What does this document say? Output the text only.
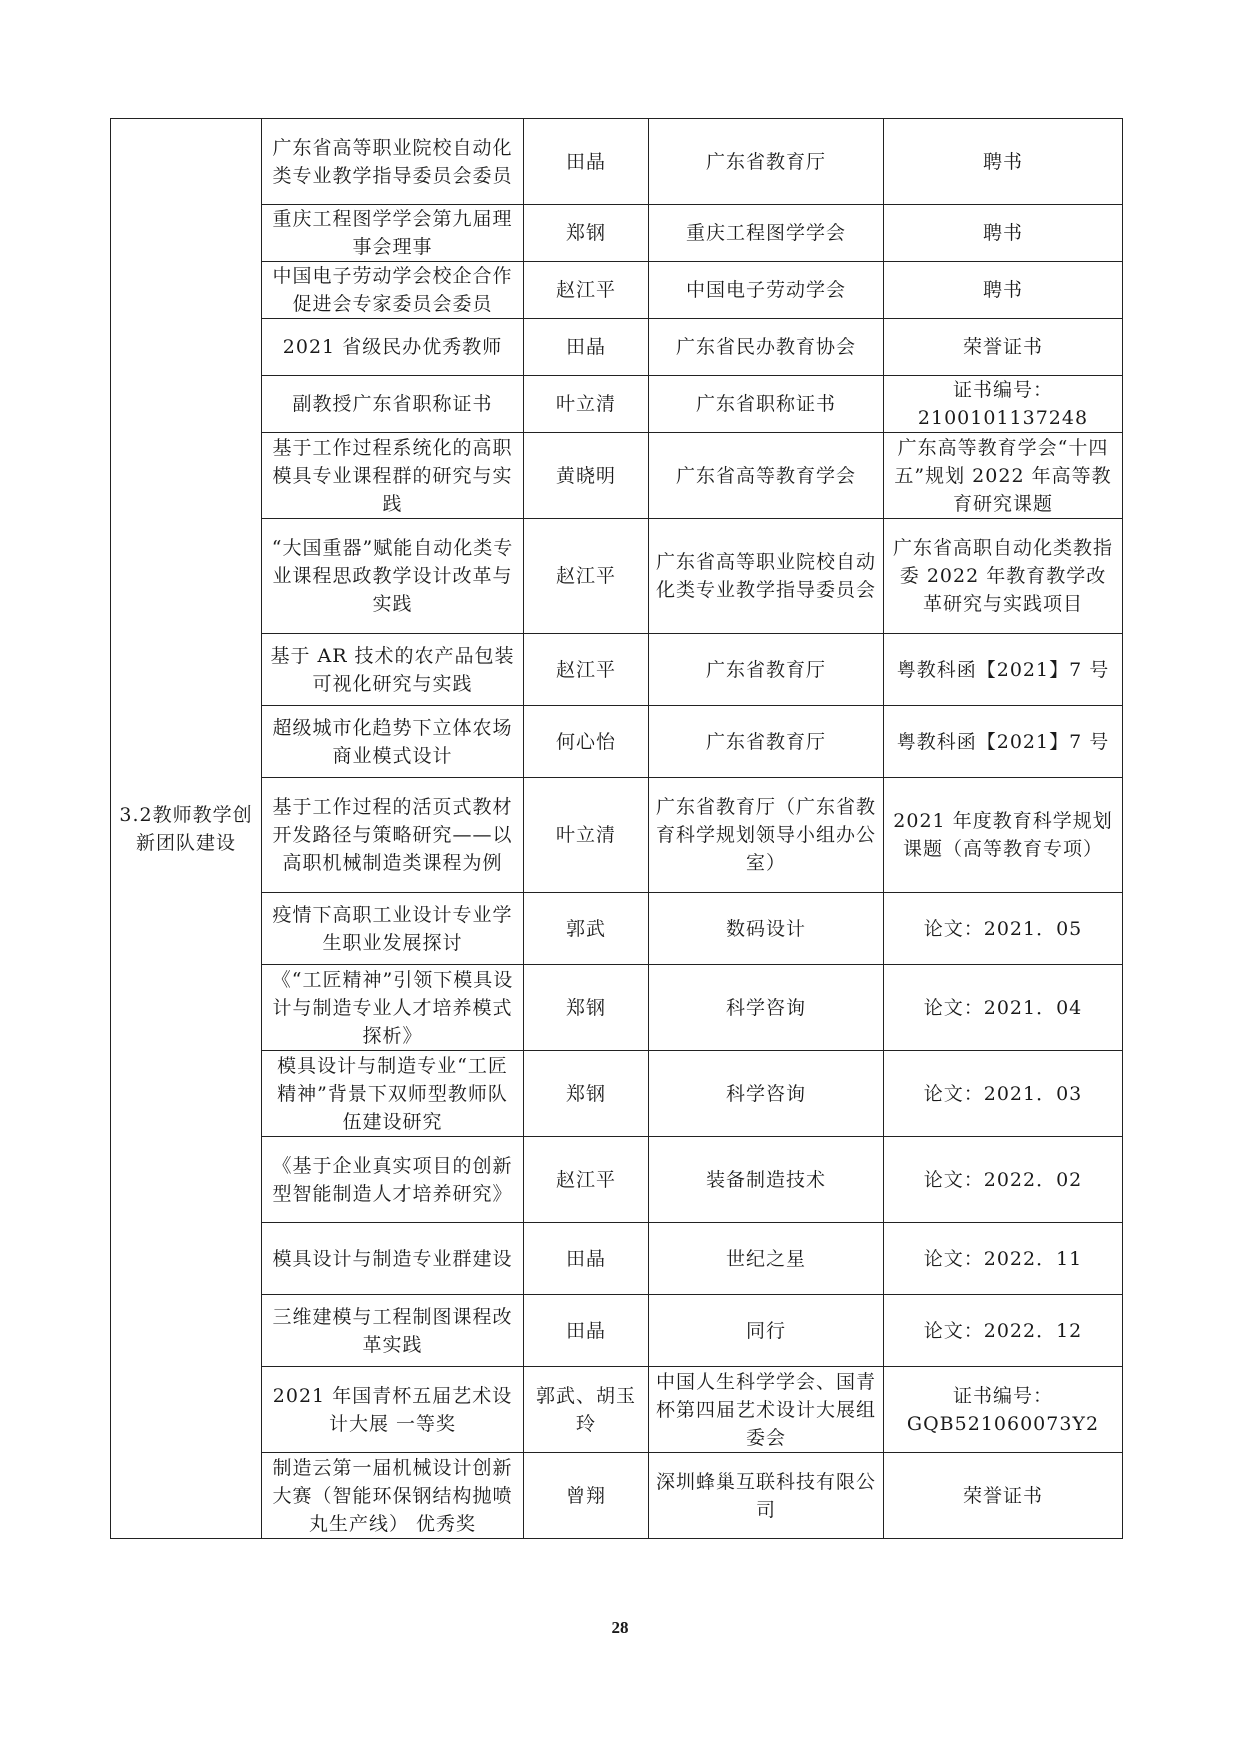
3.2教师教学创新团队建设	广东省高等职业院校自动化类专业教学指导委员会委员	田晶	广东省教育厅	聘书
	重庆工程图学学会第九届理事会理事	郑钢	重庆工程图学学会	聘书
	中国电子劳动学会校企合作促进会专家委员会委员	赵江平	中国电子劳动学会	聘书
	2021 省级民办优秀教师	田晶	广东省民办教育协会	荣誉证书
	副教授广东省职称证书	叶立清	广东省职称证书	证书编号：2100101137248
	基于工作过程系统化的高职模具专业课程群的研究与实践	黄晓明	广东省高等教育学会	广东高等教育学会“十四五”规划 2022 年高等教育研究课题
	“大国重器”赋能自动化类专 业课程思政教学设计改革与实践	赵江平	广东省高等职业院校自动化类专业教学指导委员会	广东省高职自动化类教指委 2022 年教育教学改革研究与实践项目
	基于 AR 技术的农产品包装可视化研究与实践	赵江平	广东省教育厅	粤教科函【2021】7 号
	超级城市化趋势下立体农场商业模式设计	何心怡	广东省教育厅	粤教科函【2021】7 号
	基于工作过程的活页式教材开发路径与策略研究——以高职机械制造类课程为例	叶立清	广东省教育厅（广东省教育科学规划领导小组办公室）	2021 年度教育科学规划课题（高等教育专项）
	疫情下高职工业设计专业学生职业发展探讨	郭武	数码设计	论文：2021．05
	《“工匠精神”引领下模具设计与制造专业人才培养模式探析》	郑钢	科学咨询	论文：2021．04
	模具设计与制造专业“工匠精神”背景下双师型教师队伍建设研究	郑钢	科学咨询	论文：2021．03
	《基于企业真实项目的创新型智能制造人才培养研究》	赵江平	装备制造技术	论文：2022．02
	模具设计与制造专业群建设	田晶	世纪之星	论文：2022．11
	三维建模与工程制图课程改革实践	田晶	同行	论文：2022．12
	2021 年国青杯五届艺术设计大展 一等奖	郭武、胡玉玲	中国人生科学学会、国青杯第四届艺术设计大展组委会	证书编号：GQB521060073Y2
	制造云第一届机械设计创新大赛（智能环保钢结构抛喷丸生产线） 优秀奖	曾翔	深圳蜂巢互联科技有限公司	荣誉证书
28
